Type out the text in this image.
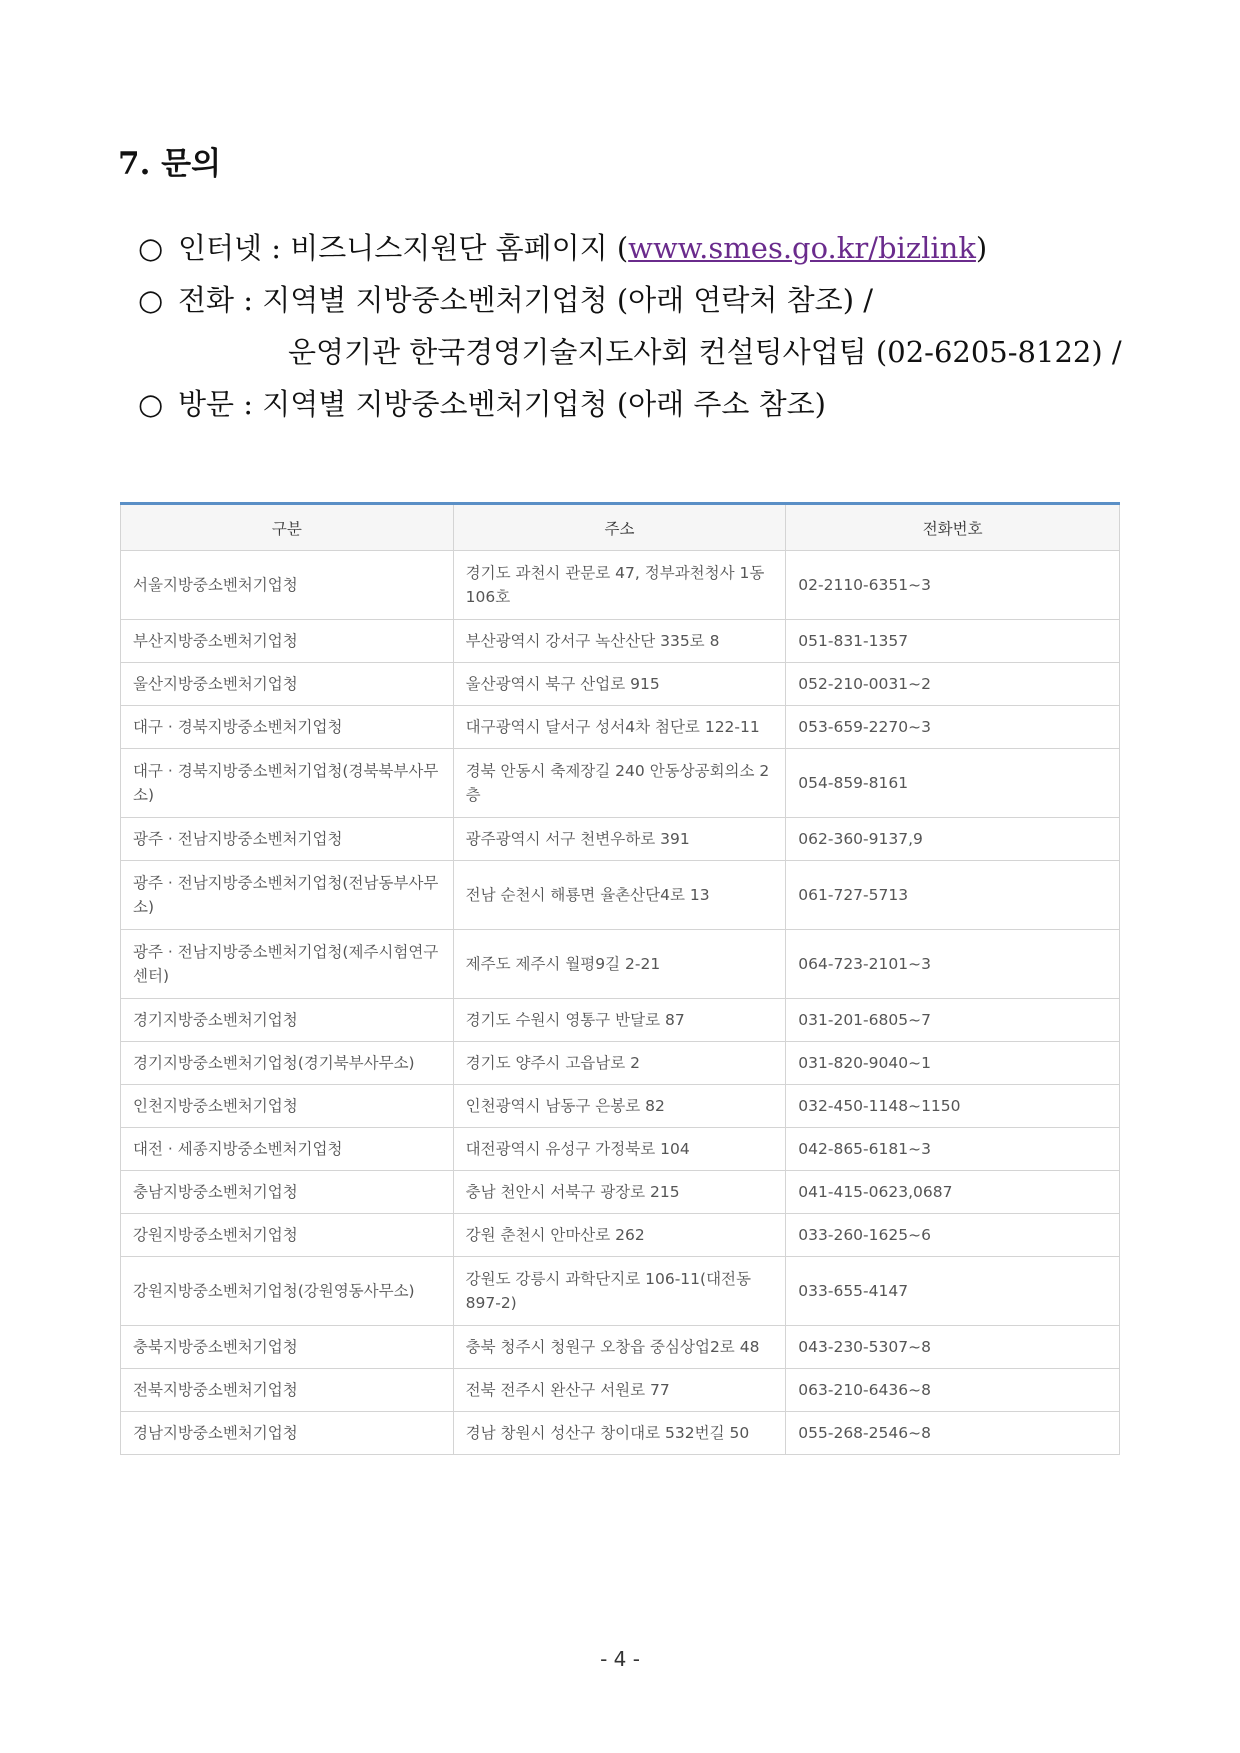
7. 문의
○ 인터넷 : 비즈니스지원단 홈페이지 (www.smes.go.kr/bizlink)
○ 전화 : 지역별 지방중소벤처기업청 (아래 연락처 참조) /
운영기관 한국경영기술지도사회 컨설팅사업팀 (02-6205-8122) /
○ 방문 : 지역별 지방중소벤처기업청 (아래 주소 참조)
구분	주소	전화번호
서울지방중소벤처기업청	경기도 과천시 관문로 47, 정부과천청사 1동 106호	02-2110-6351~3
부산지방중소벤처기업청	부산광역시 강서구 녹산산단 335로 8	051-831-1357
울산지방중소벤처기업청	울산광역시 북구 산업로 915	052-210-0031~2
대구 · 경북지방중소벤처기업청	대구광역시 달서구 성서4차 첨단로 122-11	053-659-2270~3
대구 · 경북지방중소벤처기업청(경북북부사무소)	경북 안동시 축제장길 240 안동상공회의소 2층	054-859-8161
광주 · 전남지방중소벤처기업청	광주광역시 서구 천변우하로 391	062-360-9137,9
광주 · 전남지방중소벤처기업청(전남동부사무소)	전남 순천시 해룡면 율촌산단4로 13	061-727-5713
광주 · 전남지방중소벤처기업청(제주시험연구센터)	제주도 제주시 월평9길 2-21	064-723-2101~3
경기지방중소벤처기업청	경기도 수원시 영통구 반달로 87	031-201-6805~7
경기지방중소벤처기업청(경기북부사무소)	경기도 양주시 고읍남로 2	031-820-9040~1
인천지방중소벤처기업청	인천광역시 남동구 은봉로 82	032-450-1148~1150
대전 · 세종지방중소벤처기업청	대전광역시 유성구 가정북로 104	042-865-6181~3
충남지방중소벤처기업청	충남 천안시 서북구 광장로 215	041-415-0623,0687
강원지방중소벤처기업청	강원 춘천시 안마산로 262	033-260-1625~6
강원지방중소벤처기업청(강원영동사무소)	강원도 강릉시 과학단지로 106-11(대전동 897-2)	033-655-4147
충북지방중소벤처기업청	충북 청주시 청원구 오창읍 중심상업2로 48	043-230-5307~8
전북지방중소벤처기업청	전북 전주시 완산구 서원로 77	063-210-6436~8
경남지방중소벤처기업청	경남 창원시 성산구 창이대로 532번길 50	055-268-2546~8
- 4 -
